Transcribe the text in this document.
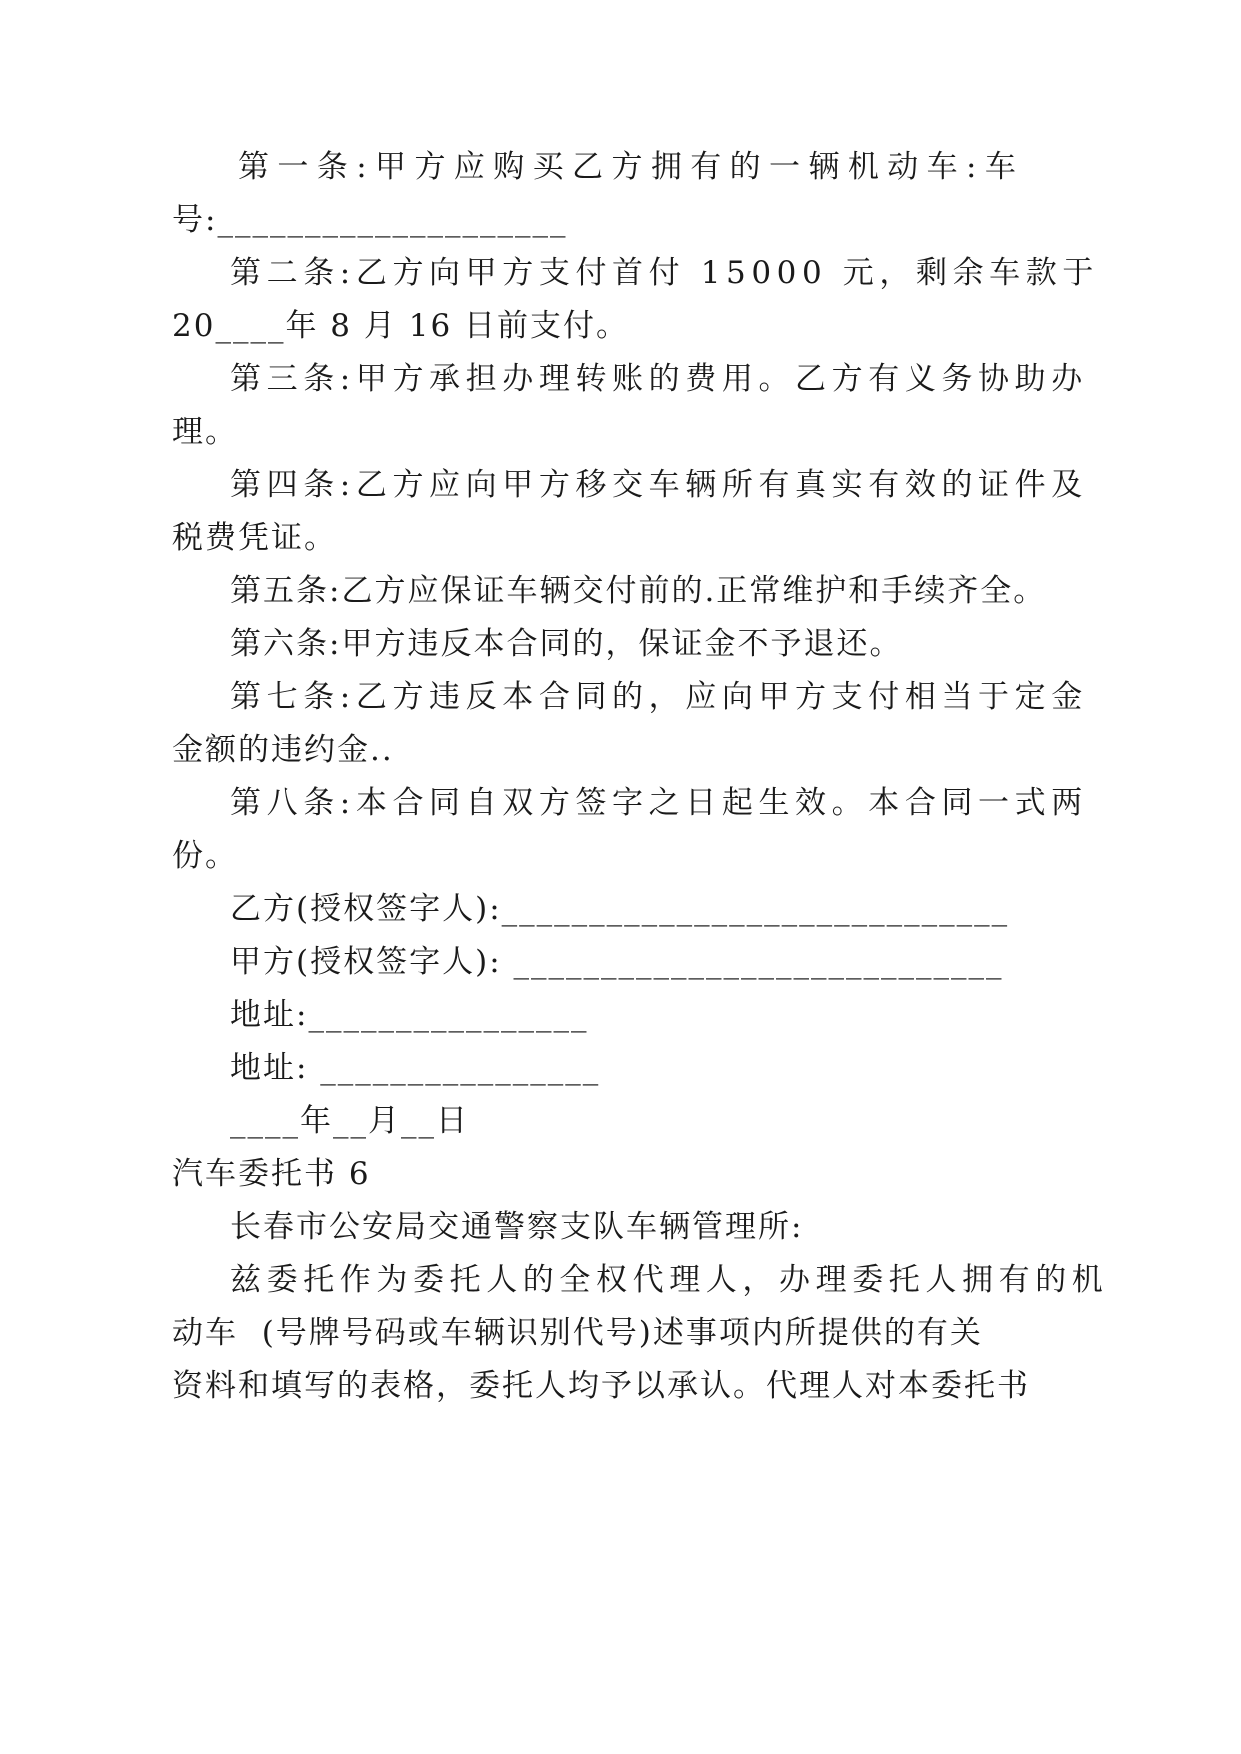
第一条:甲方应购买乙方拥有的一辆机动车:车
号:____________________
第二条:乙方向甲方支付首付 15000 元，剩余车款于
20____年 8 月 16 日前支付。
第三条:甲方承担办理转账的费用。乙方有义务协助办
理。
第四条:乙方应向甲方移交车辆所有真实有效的证件及
税费凭证。
第五条:乙方应保证车辆交付前的.正常维护和手续齐全。
第六条:甲方违反本合同的，保证金不予退还。
第七条:乙方违反本合同的，应向甲方支付相当于定金
金额的违约金..
第八条:本合同自双方签字之日起生效。本合同一式两
份。
乙方(授权签字人):_____________________________
甲方(授权签字人): ____________________________
地址:________________
地址: ________________
____年__月__日
汽车委托书 6
长春市公安局交通警察支队车辆管理所:
兹委托作为委托人的全权代理人，办理委托人拥有的机
动车  (号牌号码或车辆识别代号)述事项内所提供的有关
资料和填写的表格，委托人均予以承认。代理人对本委托书
